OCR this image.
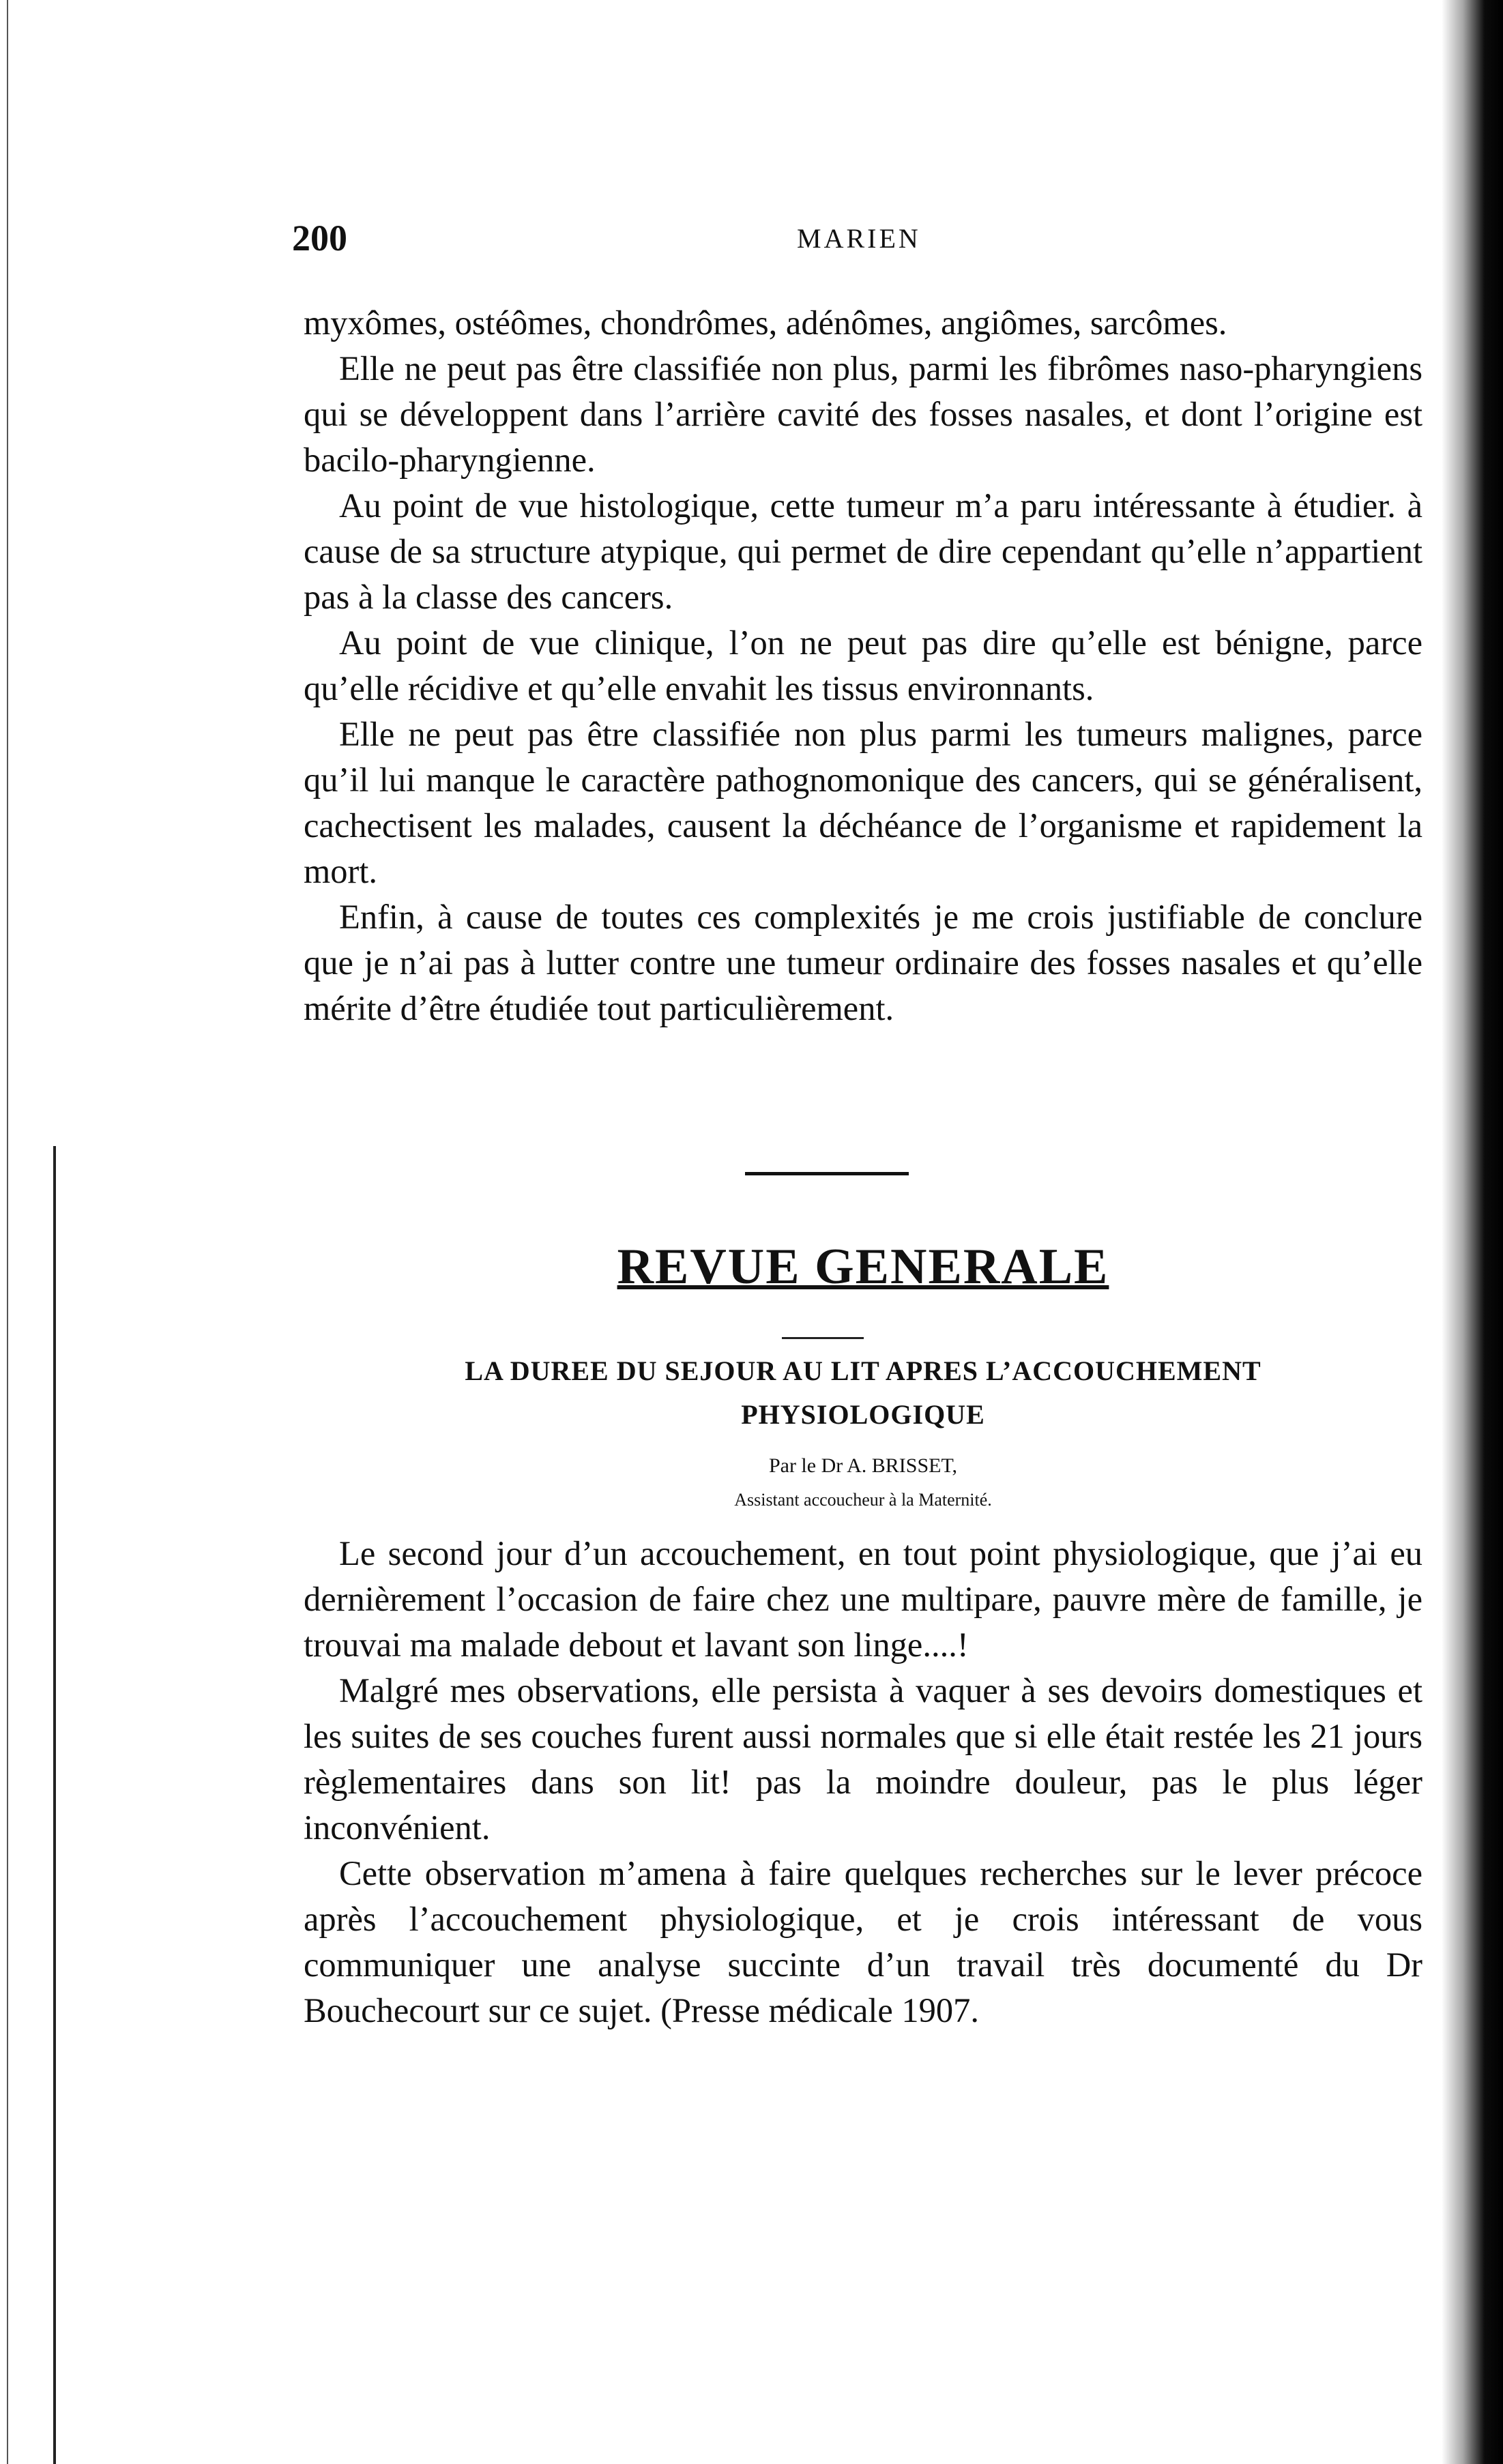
200	MARIEN

myxômes, ostéômes, chondrômes, adénômes, angiômes, sarcômes.

Elle ne peut pas être classifiée non plus, parmi les fibrômes naso-pharyngiens qui se développent dans l’arrière cavité des fosses nasales, et dont l’origine est bacilo-pharyngienne.

Au point de vue histologique, cette tumeur m’a paru intéressante à étudier. à cause de sa structure atypique, qui permet de dire cependant qu’elle n’appartient pas à la classe des cancers.

Au point de vue clinique, l’on ne peut pas dire qu’elle est bénigne, parce qu’elle récidive et qu’elle envahit les tissus environnants.

Elle ne peut pas être classifiée non plus parmi les tumeurs malignes, parce qu’il lui manque le caractère pathognomonique des cancers, qui se généralisent, cachectisent les malades, causent la déchéance de l’organisme et rapidement la mort.

Enfin, à cause de toutes ces complexités je me crois justifiable de conclure que je n’ai pas à lutter contre une tumeur ordinaire des fosses nasales et qu’elle mérite d’être étudiée tout particulièrement.

REVUE GENERALE
LA DUREE DU SEJOUR AU LIT APRES L’ACCOUCHEMENT
PHYSIOLOGIQUE
Par le Dr A. BRISSET,
Assistant accoucheur à la Maternité.

Le second jour d’un accouchement, en tout point physiologique, que j’ai eu dernièrement l’occasion de faire chez une multipare, pauvre mère de famille, je trouvai ma malade debout et lavant son linge....!

Malgré mes observations, elle persista à vaquer à ses devoirs domestiques et les suites de ses couches furent aussi normales que si elle était restée les 21 jours règlementaires dans son lit! pas la moindre douleur, pas le plus léger inconvénient.

Cette observation m’amena à faire quelques recherches sur le lever précoce après l’accouchement physiologique, et je crois intéressant de vous communiquer une analyse succinte d’un travail très documenté du Dr Bouchecourt sur ce sujet. (Presse médicale 1907.
